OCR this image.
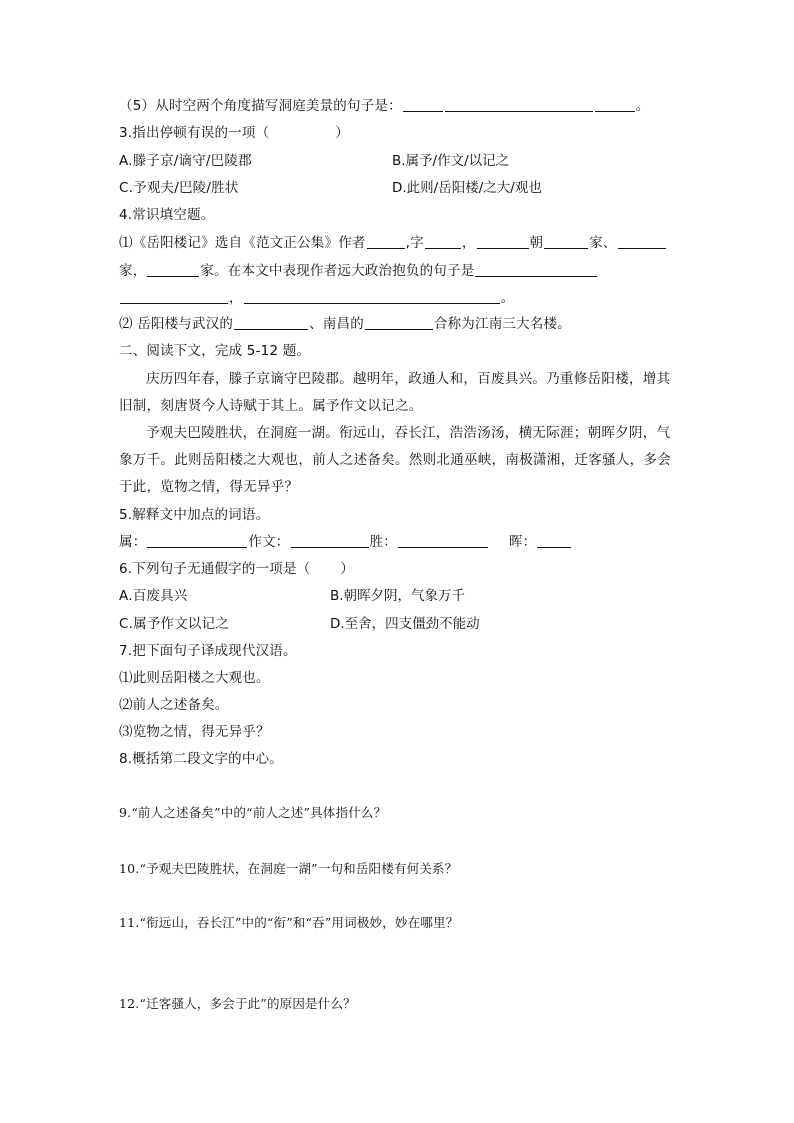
（5）从时空两个角度描写洞庭美景的句子是：	。
3.指出停顿有误的一项（	）
A.滕子京/谪守/巴陵郡	B.属予/作文/以记之
C.予观夫/巴陵/胜状	D.此则/岳阳楼/之大/观也
4.常识填空题。
⑴《岳阳楼记》选自《范文正公集》作者	,字	，	朝	家、
家，	家。在本文中表现作者远大政治抱负的句子是
，	。
⑵ 岳阳楼与武汉的	、南昌的	合称为江南三大名楼。
二、阅读下文，完成 5-12 题。
庆历四年春，滕子京谪守巴陵郡。越明年，政通人和，百废具兴。乃重修岳阳楼，增其旧制，刻唐贤今人诗赋于其上。属予作文以记之。
予观夫巴陵胜状，在洞庭一湖。衔远山，吞长江，浩浩汤汤，横无际涯；朝晖夕阴，气象万千。此则岳阳楼之大观也，前人之述备矣。然则北通巫峡，南极潇湘，迁客骚人，多会于此，览物之情，得无异乎？
5.解释文中加点的词语。
属：	作文：	胜：	晖：
6.下列句子无通假字的一项是（ ）
A.百废具兴	B.朝晖夕阴，气象万千
C.属予作文以记之	D.至舍，四支僵劲不能动
7.把下面句子译成现代汉语。
⑴此则岳阳楼之大观也。
⑵前人之述备矣。
⑶览物之情，得无异乎？
8.概括第二段文字的中心。
9.“前人之述备矣”中的“前人之述”具体指什么？
10.“予观夫巴陵胜状，在洞庭一湖”一句和岳阳楼有何关系？
11.“衔远山，吞长江”中的“衔”和“吞”用词极妙，妙在哪里？
12.“迁客骚人，多会于此”的原因是什么？
